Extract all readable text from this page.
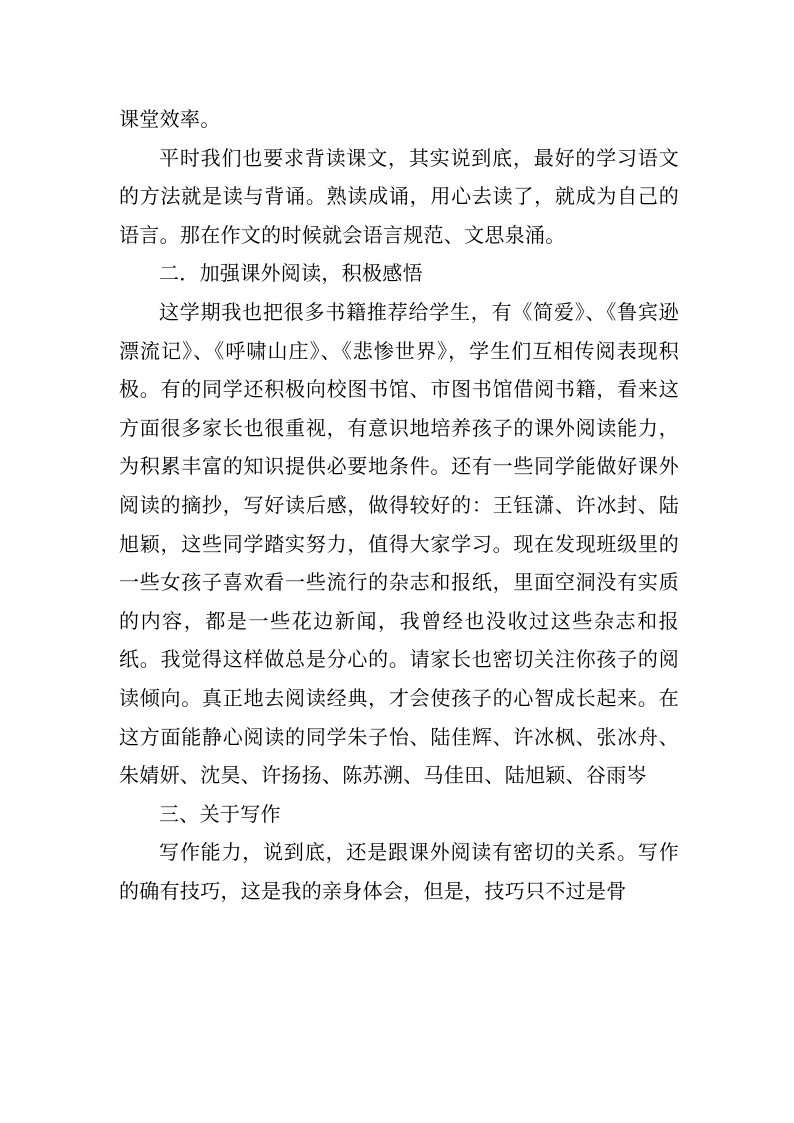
课堂效率。

平时我们也要求背读课文，其实说到底，最好的学习语文的方法就是读与背诵。熟读成诵，用心去读了，就成为自己的语言。那在作文的时候就会语言规范、文思泉涌。

二．加强课外阅读，积极感悟

这学期我也把很多书籍推荐给学生，有《简爱》、《鲁宾逊漂流记》、《呼啸山庄》、《悲惨世界》，学生们互相传阅表现积极。有的同学还积极向校图书馆、市图书馆借阅书籍，看来这方面很多家长也很重视，有意识地培养孩子的课外阅读能力，为积累丰富的知识提供必要地条件。还有一些同学能做好课外阅读的摘抄，写好读后感，做得较好的：王钰潇、许冰封、陆旭颖，这些同学踏实努力，值得大家学习。现在发现班级里的一些女孩子喜欢看一些流行的杂志和报纸，里面空洞没有实质的内容，都是一些花边新闻，我曾经也没收过这些杂志和报纸。我觉得这样做总是分心的。请家长也密切关注你孩子的阅读倾向。真正地去阅读经典，才会使孩子的心智成长起来。在这方面能静心阅读的同学朱子怡、陆佳辉、许冰枫、张冰舟、朱婧妍、沈昊、许扬扬、陈苏溯、马佳田、陆旭颖、谷雨岑

三、关于写作

写作能力，说到底，还是跟课外阅读有密切的关系。写作的确有技巧，这是我的亲身体会，但是，技巧只不过是骨
